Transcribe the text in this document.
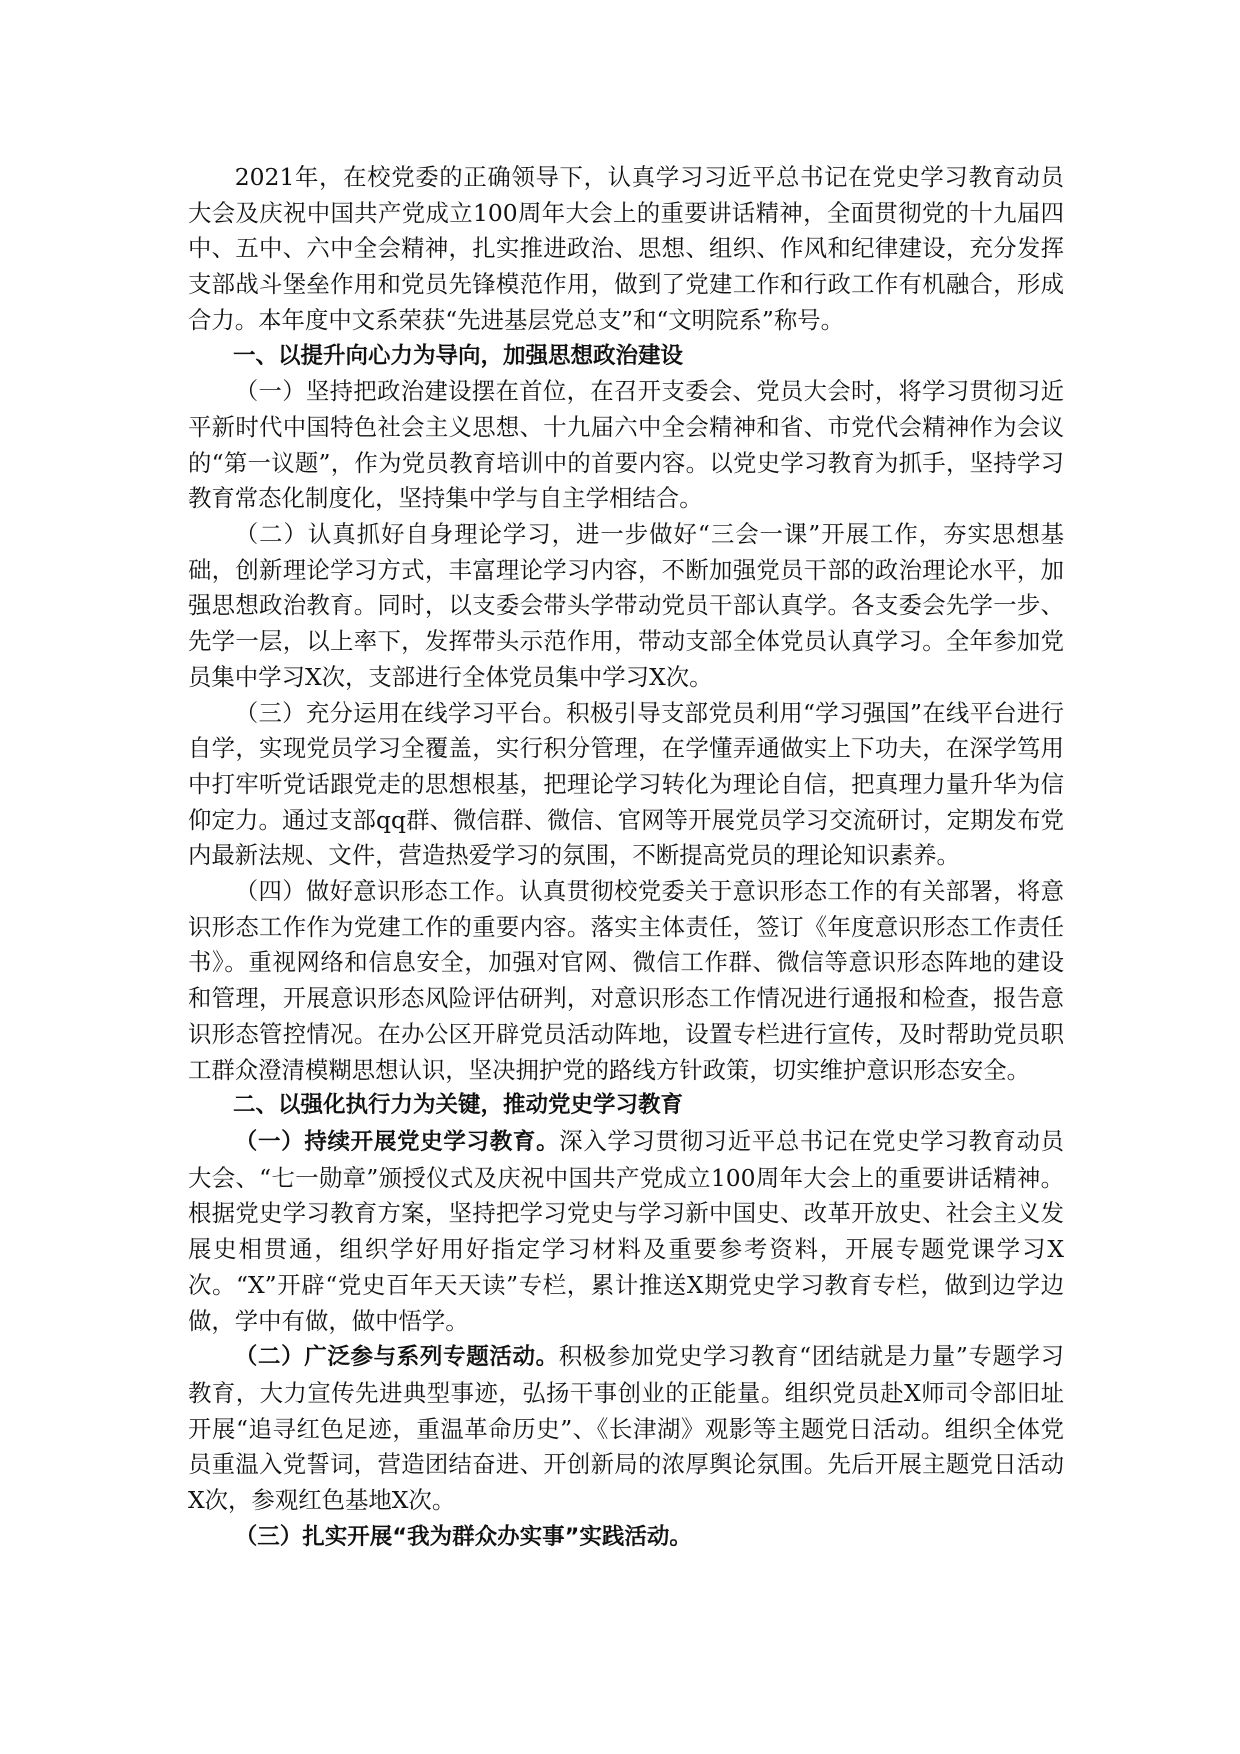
2021年，在校党委的正确领导下，认真学习习近平总书记在党史学习教育动员大会及庆祝中国共产党成立100周年大会上的重要讲话精神，全面贯彻党的十九届四中、五中、六中全会精神，扎实推进政治、思想、组织、作风和纪律建设，充分发挥支部战斗堡垒作用和党员先锋模范作用，做到了党建工作和行政工作有机融合，形成合力。本年度中文系荣获“先进基层党总支”和“文明院系”称号。

一、以提升向心力为导向，加强思想政治建设

（一）坚持把政治建设摆在首位，在召开支委会、党员大会时，将学习贯彻习近平新时代中国特色社会主义思想、十九届六中全会精神和省、市党代会精神作为会议的“第一议题”，作为党员教育培训中的首要内容。以党史学习教育为抓手，坚持学习教育常态化制度化，坚持集中学与自主学相结合。

（二）认真抓好自身理论学习，进一步做好“三会一课”开展工作，夯实思想基础，创新理论学习方式，丰富理论学习内容，不断加强党员干部的政治理论水平，加强思想政治教育。同时，以支委会带头学带动党员干部认真学。各支委会先学一步、先学一层，以上率下，发挥带头示范作用，带动支部全体党员认真学习。全年参加党员集中学习X次，支部进行全体党员集中学习X次。

（三）充分运用在线学习平台。积极引导支部党员利用“学习强国”在线平台进行自学，实现党员学习全覆盖，实行积分管理，在学懂弄通做实上下功夫，在深学笃用中打牢听党话跟党走的思想根基，把理论学习转化为理论自信，把真理力量升华为信仰定力。通过支部qq群、微信群、微信、官网等开展党员学习交流研讨，定期发布党内最新法规、文件，营造热爱学习的氛围，不断提高党员的理论知识素养。

（四）做好意识形态工作。认真贯彻校党委关于意识形态工作的有关部署，将意识形态工作作为党建工作的重要内容。落实主体责任，签订《年度意识形态工作责任书》。重视网络和信息安全，加强对官网、微信工作群、微信等意识形态阵地的建设和管理，开展意识形态风险评估研判，对意识形态工作情况进行通报和检查，报告意识形态管控情况。在办公区开辟党员活动阵地，设置专栏进行宣传，及时帮助党员职工群众澄清模糊思想认识，坚决拥护党的路线方针政策，切实维护意识形态安全。

二、以强化执行力为关键，推动党史学习教育

（一）持续开展党史学习教育。深入学习贯彻习近平总书记在党史学习教育动员大会、“七一勋章”颁授仪式及庆祝中国共产党成立100周年大会上的重要讲话精神。根据党史学习教育方案，坚持把学习党史与学习新中国史、改革开放史、社会主义发展史相贯通，组织学好用好指定学习材料及重要参考资料，开展专题党课学习X次。“X”开辟“党史百年天天读”专栏，累计推送X期党史学习教育专栏，做到边学边做，学中有做，做中悟学。

（二）广泛参与系列专题活动。积极参加党史学习教育“团结就是力量”专题学习教育，大力宣传先进典型事迹，弘扬干事创业的正能量。组织党员赴X师司令部旧址开展“追寻红色足迹，重温革命历史”、《长津湖》观影等主题党日活动。组织全体党员重温入党誓词，营造团结奋进、开创新局的浓厚舆论氛围。先后开展主题党日活动X次，参观红色基地X次。

（三）扎实开展“我为群众办实事”实践活动。
